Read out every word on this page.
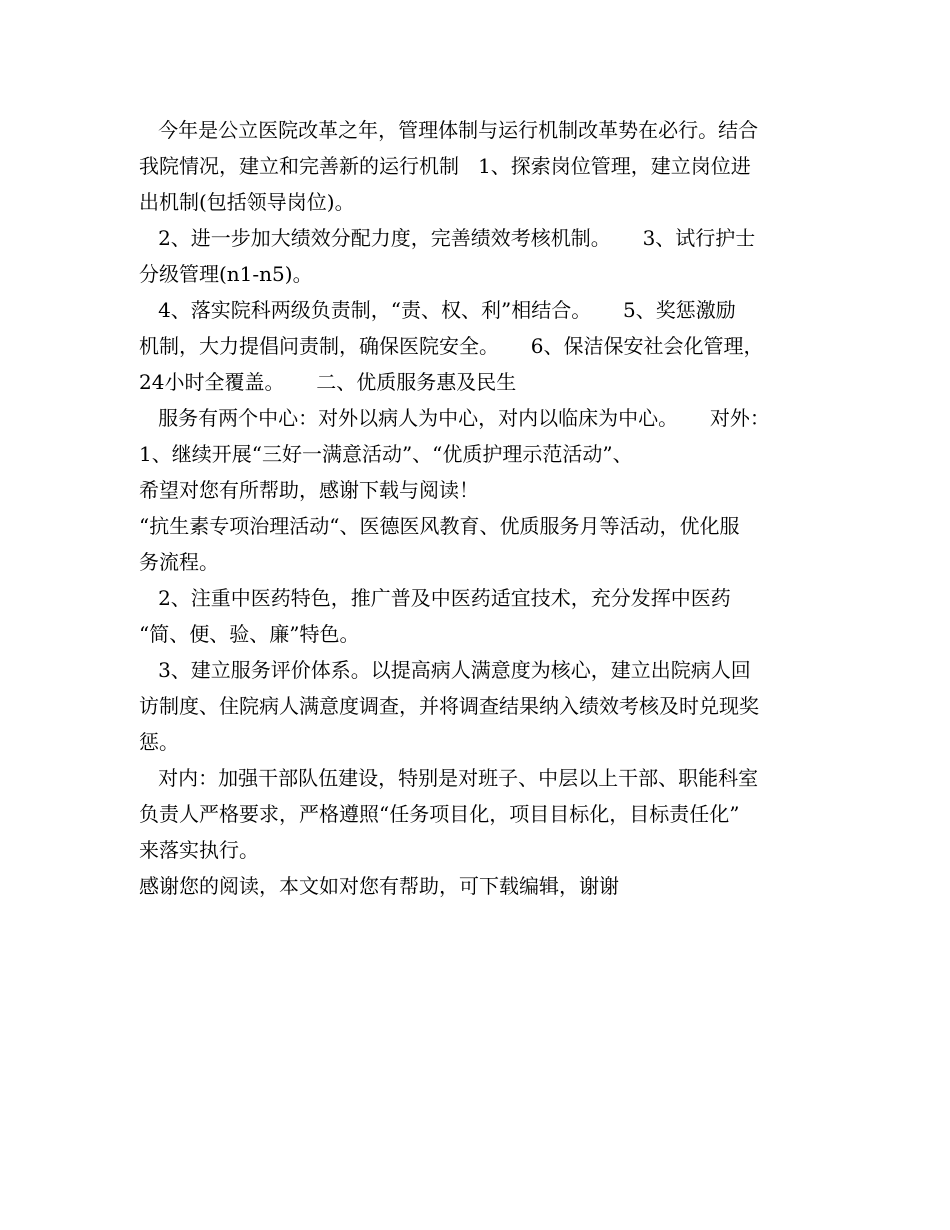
今年是公立医院改革之年，管理体制与运行机制改革势在必行。结合
我院情况，建立和完善新的运行机制   1、探索岗位管理，建立岗位进
出机制(包括领导岗位)。
2、进一步加大绩效分配力度，完善绩效考核机制。     3、试行护士
分级管理(n1-n5)。
4、落实院科两级负责制，“责、权、利”相结合。     5、奖惩激励
机制，大力提倡问责制，确保医院安全。     6、保洁保安社会化管理，
24小时全覆盖。     二、优质服务惠及民生
服务有两个中心：对外以病人为中心，对内以临床为中心。     对外：
1、继续开展“三好一满意活动”、“优质护理示范活动”、
希望对您有所帮助，感谢下载与阅读！
“抗生素专项治理活动“、医德医风教育、优质服务月等活动，优化服
务流程。
2、注重中医药特色，推广普及中医药适宜技术，充分发挥中医药
“简、便、验、廉”特色。
3、建立服务评价体系。以提高病人满意度为核心，建立出院病人回
访制度、住院病人满意度调查，并将调查结果纳入绩效考核及时兑现奖
惩。
对内：加强干部队伍建设，特别是对班子、中层以上干部、职能科室
负责人严格要求，严格遵照“任务项目化，项目目标化，目标责任化”
来落实执行。
感谢您的阅读，本文如对您有帮助，可下载编辑，谢谢
